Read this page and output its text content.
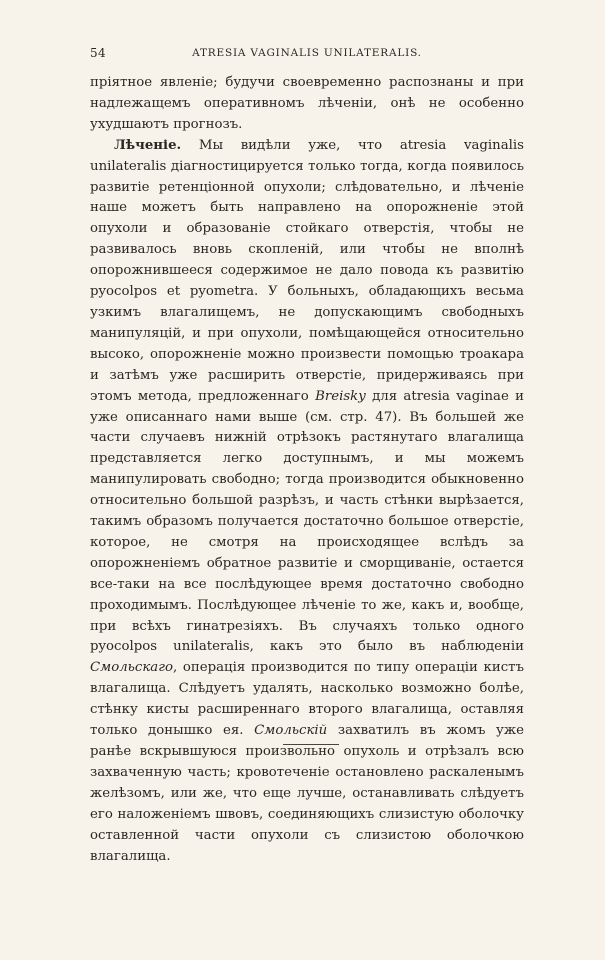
54	ATRESIA VAGINALIS UNILATERALIS.

пріятное явленіе; будучи своевременно распознаны и при надлежащемъ оперативномъ лѣченіи, онѣ не особенно ухудшаютъ прогнозъ.

Лѣченіе. Мы видѣли уже, что atresia vaginalis unilateralis діагностицируется только тогда, когда появилось развитіе ретенціонной опухоли; слѣдовательно, и лѣченіе наше можетъ быть направлено на опорожненіе этой опухоли и образованіе стойкаго отверстія, чтобы не развивалось вновь скопленій, или чтобы не вполнѣ опорожнившееся содержимое не дало повода къ развитію pyocolpos et pyometra. У больныхъ, обладающихъ весьма узкимъ влагалищемъ, не допускающимъ свободныхъ манипуляцій, и при опухоли, помѣщающейся относительно высоко, опорожненіе можно произвести помощью троакара и затѣмъ уже расширить отверстіе, придерживаясь при этомъ метода, предложеннаго Breisky для atresia vaginae и уже описаннаго нами выше (см. стр. 47). Въ большей же части случаевъ нижній отрѣзокъ растянутаго влагалища представляется легко доступнымъ, и мы можемъ манипулировать свободно; тогда производится обыкновенно относительно большой разрѣзъ, и часть стѣнки вырѣзается, такимъ образомъ получается достаточно большое отверстіе, которое, не смотря на происходящее вслѣдъ за опорожненіемъ обратное развитіе и сморщиваніе, остается все-таки на все послѣдующее время достаточно свободно проходимымъ. Послѣдующее лѣченіе то же, какъ и, вообще, при всѣхъ гинатрезіяхъ. Въ случаяхъ только одного pyocolpos unilateralis, какъ это было въ наблюденіи Смольскаго, операція производится по типу операціи кистъ влагалища. Слѣдуетъ удалять, насколько возможно болѣе, стѣнку кисты расширеннаго второго влагалища, оставляя только донышко ея. Смольскій захватилъ въ жомъ уже ранѣе вскрывшуюся произвольно опухоль и отрѣзалъ всю захваченную часть; кровотеченіе остановлено раскаленымъ желѣзомъ, или же, что еще лучше, останавливать слѣдуетъ его наложеніемъ швовъ, соединяющихъ слизистую оболочку оставленной части опухоли съ слизистою оболочкою влагалища.
